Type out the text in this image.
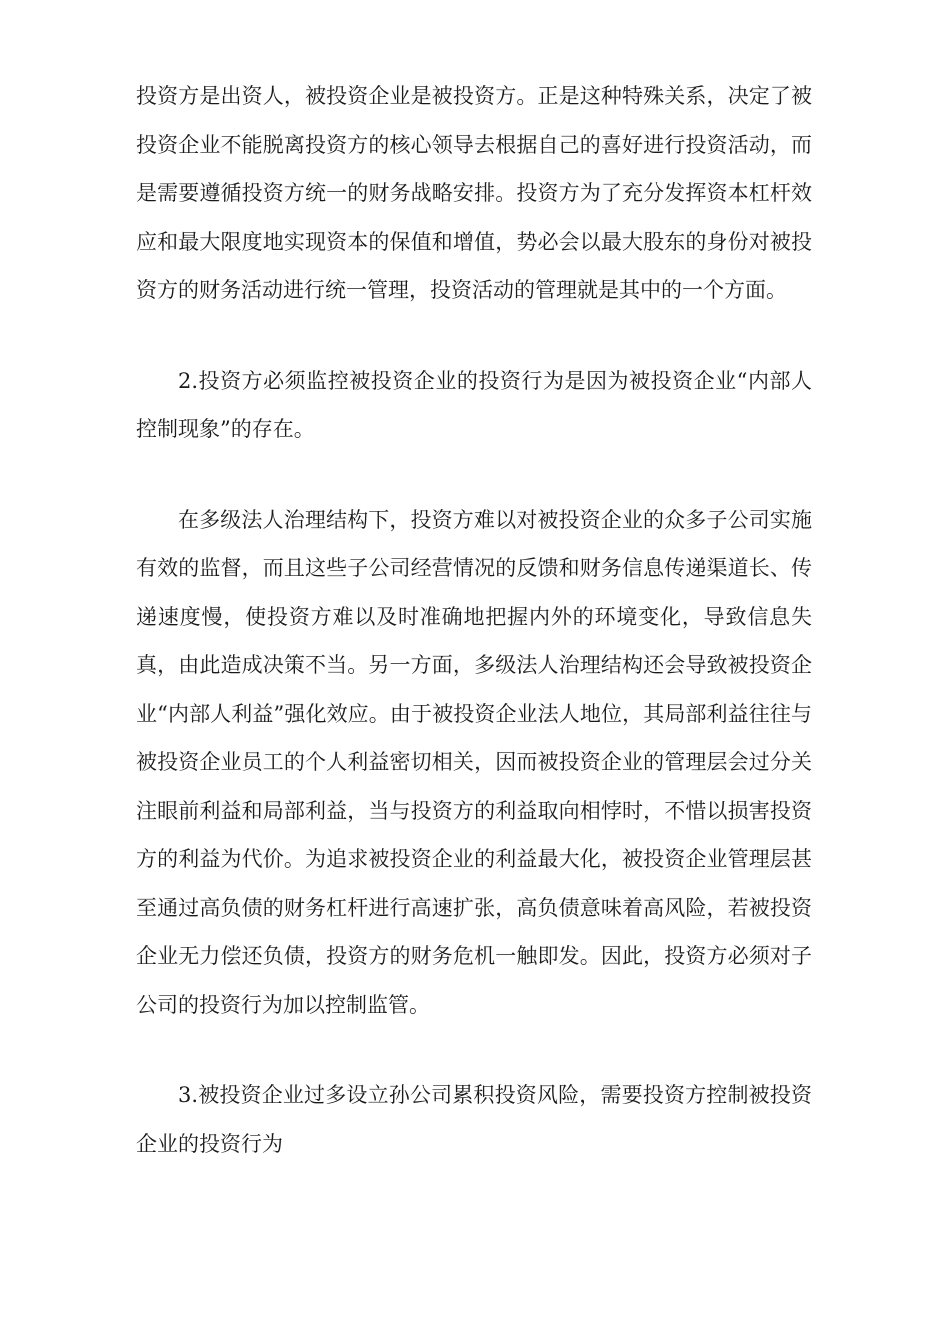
投资方是出资人，被投资企业是被投资方。正是这种特殊关系，决定了被投资企业不能脱离投资方的核心领导去根据自己的喜好进行投资活动，而是需要遵循投资方统一的财务战略安排。投资方为了充分发挥资本杠杆效应和最大限度地实现资本的保值和增值，势必会以最大股东的身份对被投资方的财务活动进行统一管理，投资活动的管理就是其中的一个方面。

2.投资方必须监控被投资企业的投资行为是因为被投资企业“内部人控制现象”的存在。

在多级法人治理结构下，投资方难以对被投资企业的众多子公司实施有效的监督，而且这些子公司经营情况的反馈和财务信息传递渠道长、传递速度慢，使投资方难以及时准确地把握内外的环境变化，导致信息失真，由此造成决策不当。另一方面，多级法人治理结构还会导致被投资企业“内部人利益”强化效应。由于被投资企业法人地位，其局部利益往往与被投资企业员工的个人利益密切相关，因而被投资企业的管理层会过分关注眼前利益和局部利益，当与投资方的利益取向相悖时，不惜以损害投资方的利益为代价。为追求被投资企业的利益最大化，被投资企业管理层甚至通过高负债的财务杠杆进行高速扩张，高负债意味着高风险，若被投资企业无力偿还负债，投资方的财务危机一触即发。因此，投资方必须对子公司的投资行为加以控制监管。

3.被投资企业过多设立孙公司累积投资风险，需要投资方控制被投资企业的投资行为
